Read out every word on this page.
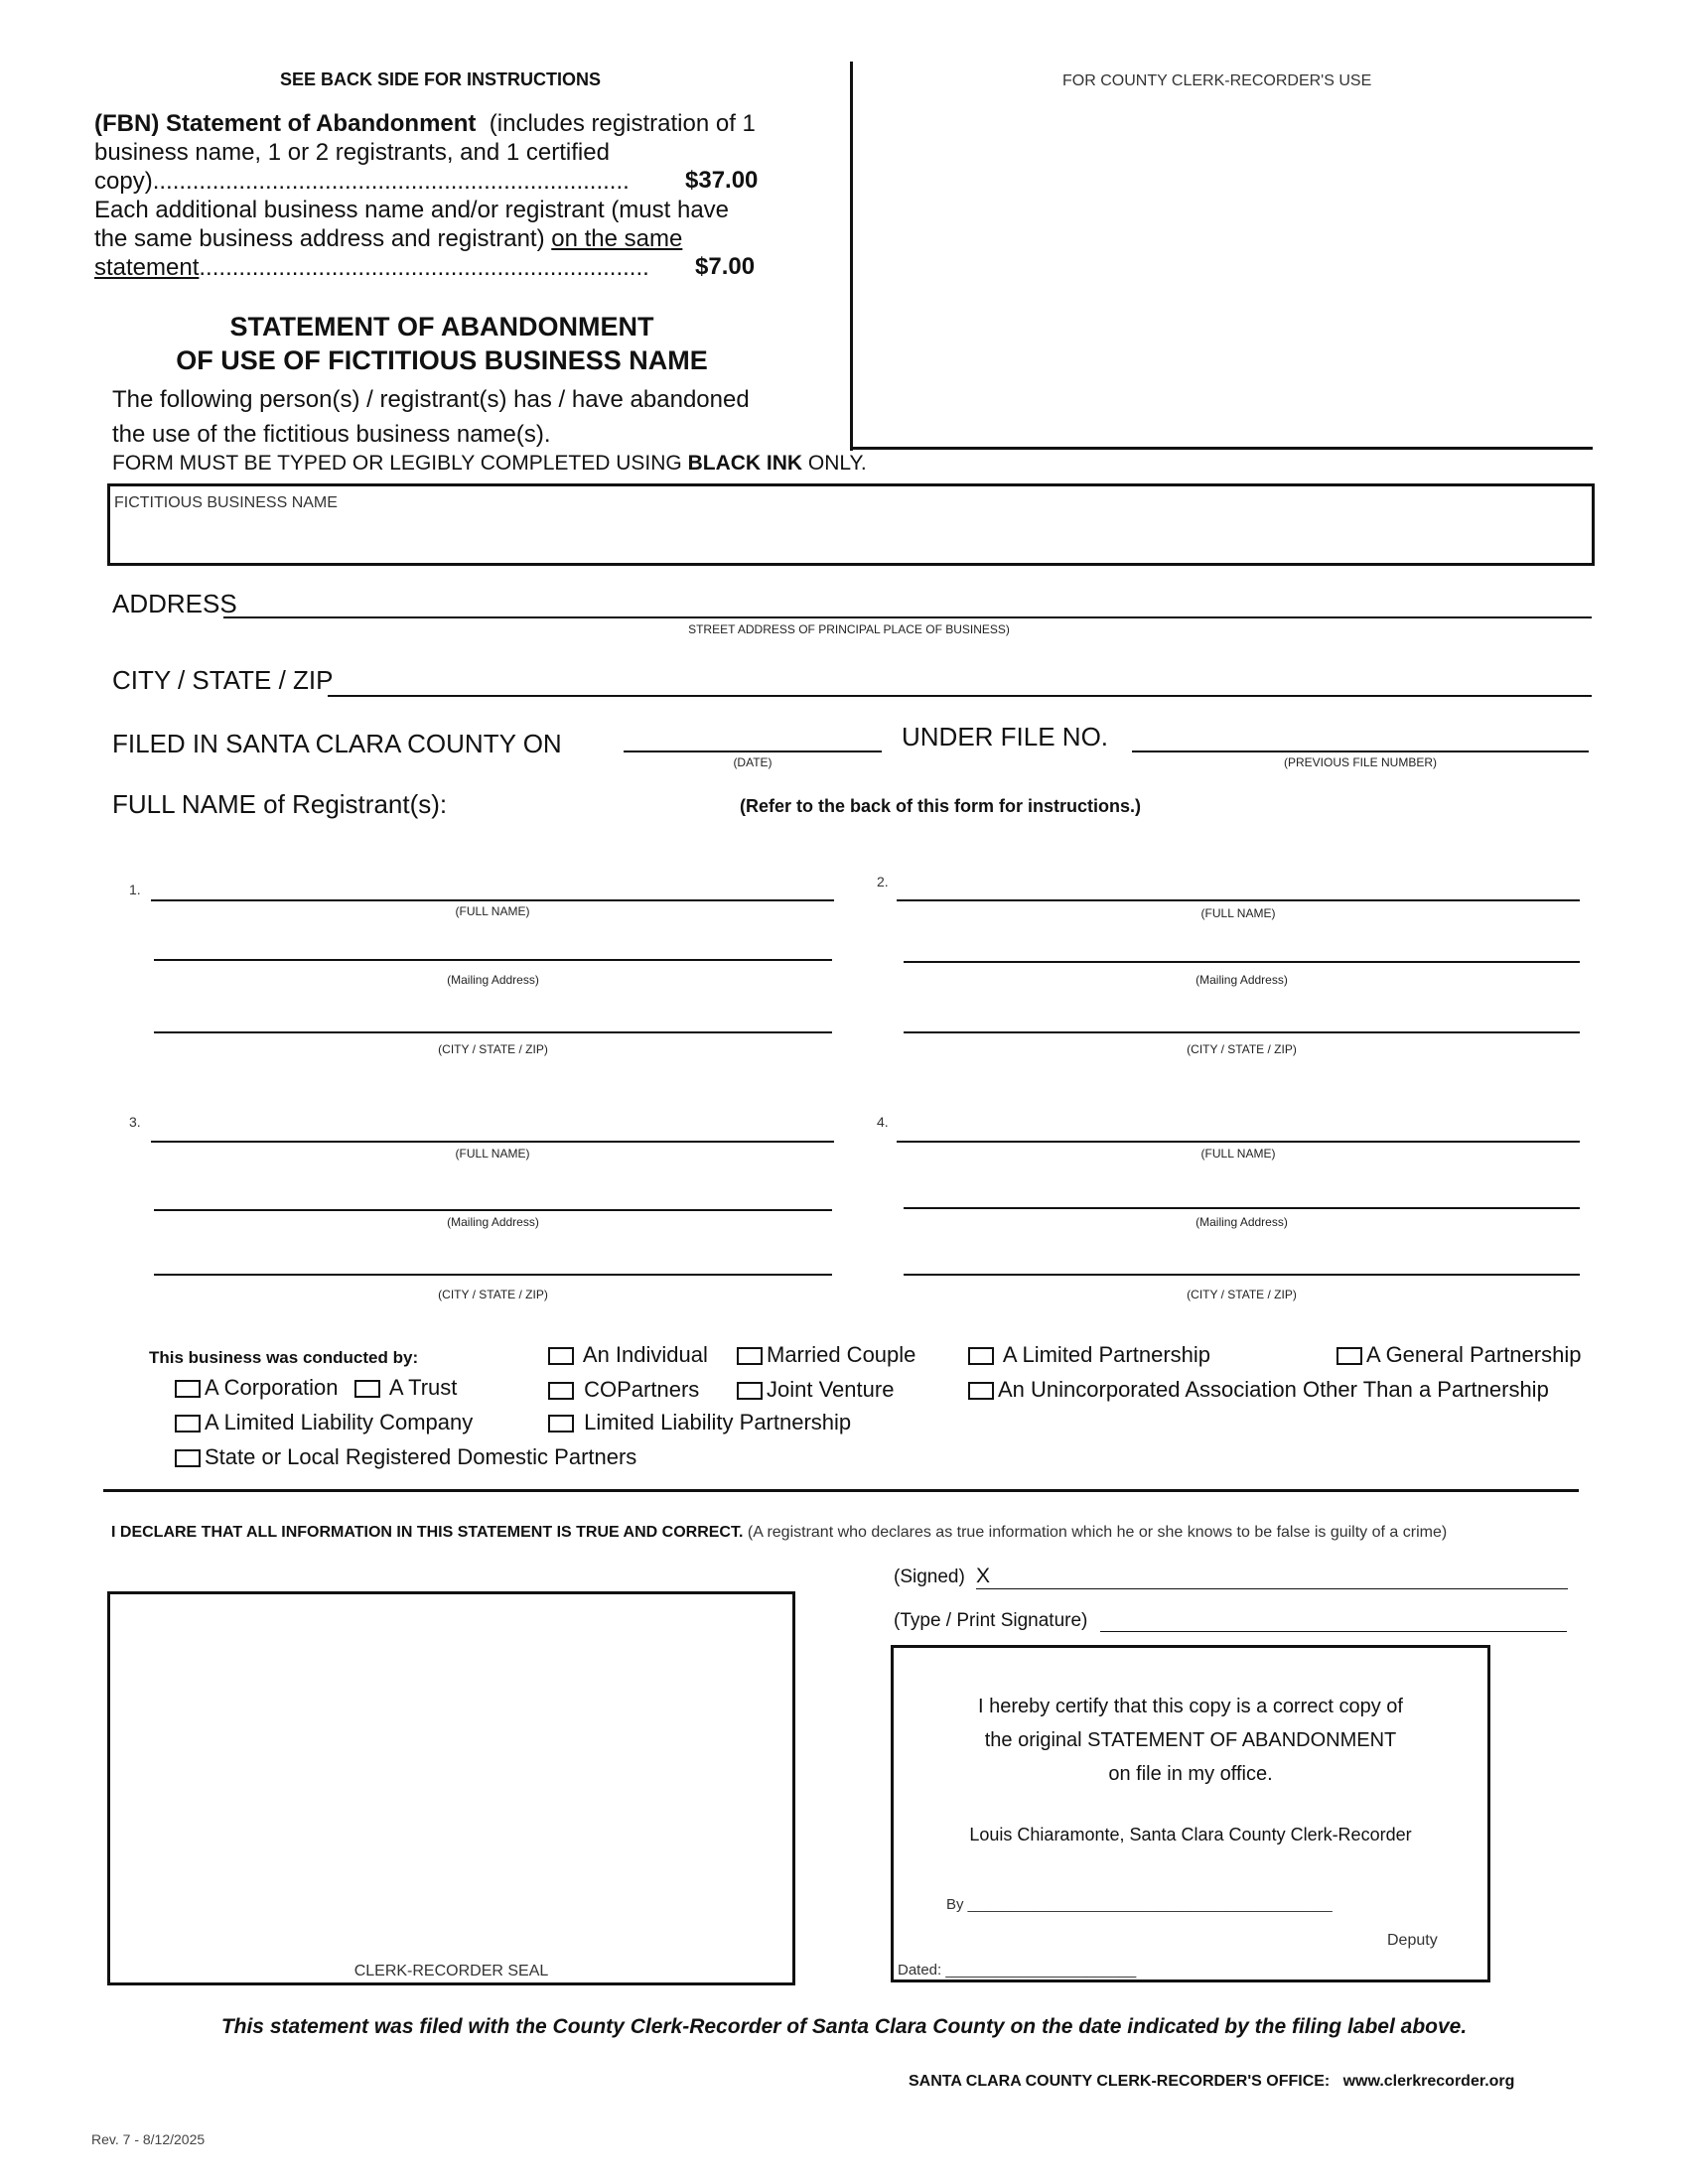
SEE BACK SIDE FOR INSTRUCTIONS
(FBN) Statement of Abandonment (includes registration of 1
business name, 1 or 2 registrants, and 1 certified
copy)........................................................................
Each additional business name and/or registrant (must have
the same business address and registrant) on the same
statement....................................................................
$37.00
$7.00
FOR COUNTY CLERK-RECORDER'S USE
STATEMENT OF ABANDONMENT
OF USE OF FICTITIOUS BUSINESS NAME
The following person(s) / registrant(s) has / have abandoned
the use of the fictitious business name(s).
FORM MUST BE TYPED OR LEGIBLY COMPLETED USING BLACK INK ONLY.
FICTITIOUS BUSINESS NAME
ADDRESS
STREET ADDRESS OF PRINCIPAL PLACE OF BUSINESS)
CITY / STATE / ZIP
FILED IN SANTA CLARA COUNTY ON
(DATE)
UNDER FILE NO.
(PREVIOUS FILE NUMBER)
FULL NAME of Registrant(s):	(Refer to the back of this form for instructions.)
1.
(FULL NAME)
(Mailing Address)
(CITY / STATE / ZIP)
2.
(FULL NAME)
(Mailing Address)
(CITY / STATE / ZIP)
3.
(FULL NAME)
(Mailing Address)
(CITY / STATE / ZIP)
4.
(FULL NAME)
(Mailing Address)
(CITY / STATE / ZIP)
This business was conducted by:	An Individual	Married Couple	A Limited Partnership	A General Partnership
A Corporation	A Trust	COPartners	Joint Venture	An Unincorporated Association Other Than a Partnership
A Limited Liability Company	Limited Liability Partnership
State or Local Registered Domestic Partners
I DECLARE THAT ALL INFORMATION IN THIS STATEMENT IS TRUE AND CORRECT. (A registrant who declares as true information which he or she knows to be false is guilty of a crime)
(Signed) X
(Type / Print Signature)
CLERK-RECORDER SEAL
I hereby certify that this copy is a correct copy of
the original STATEMENT OF ABANDONMENT
on file in my office.
Louis Chiaramonte, Santa Clara County Clerk-Recorder
By ____________________________________________
Deputy
Dated: _______________________
This statement was filed with the County Clerk-Recorder of Santa Clara County on the date indicated by the filing label above.
SANTA CLARA COUNTY CLERK-RECORDER'S OFFICE: www.clerkrecorder.org
Rev. 7 - 8/12/2025
